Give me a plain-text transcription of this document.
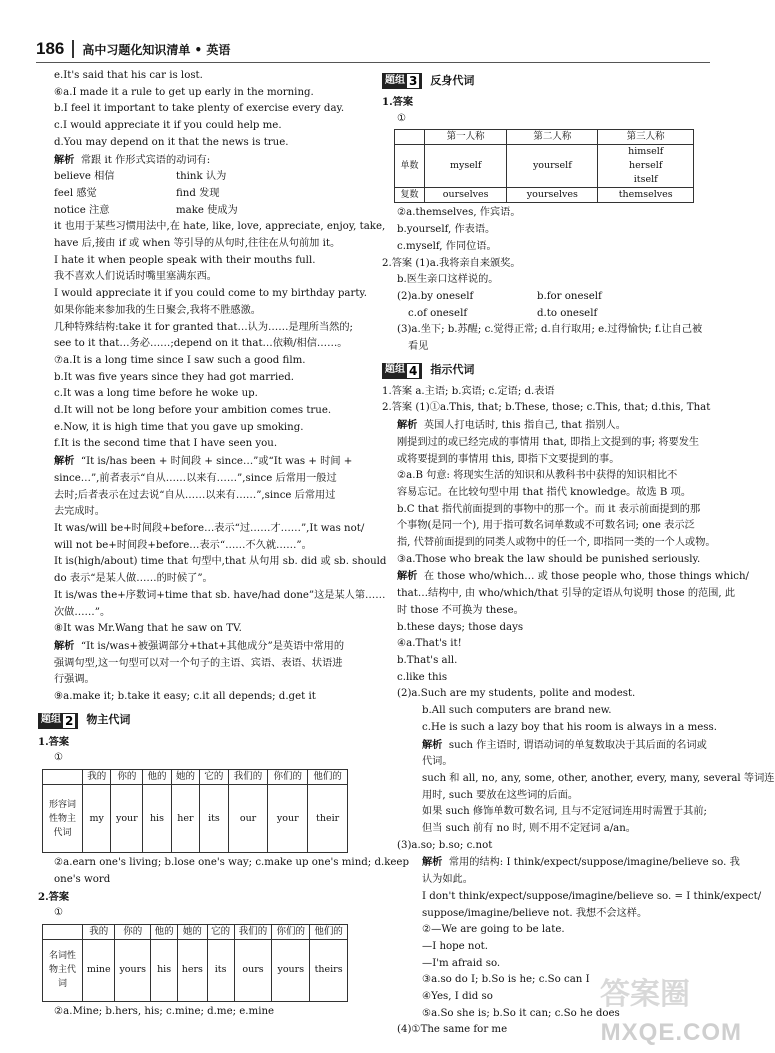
186	高中习题化知识清单 • 英语

e.It's said that his car is lost.

⑥a.I made it a rule to get up early in the morning.

b.I feel it important to take plenty of exercise every day.

c.I would appreciate it if you could help me.

d.You may depend on it that the news is true.

解析 常跟 it 作形式宾语的动词有:

believe 相信	think 认为

feel 感觉	find 发现

notice 注意	make 使成为

it 也用于某些习惯用法中,在 hate, like, love, appreciate, enjoy, take,

have 后,接由 if 或 when 等引导的从句时,往往在从句前加 it。

I hate it when people speak with their mouths full.

我不喜欢人们说话时嘴里塞满东西。

I would appreciate it if you could come to my birthday party.

如果你能来参加我的生日聚会,我将不胜感激。

几种特殊结构:take it for granted that…认为……是理所当然的;

see to it that…务必……;depend on it that…依赖/相信……。

⑦a.It is a long time since I saw such a good film.

b.It was five years since they had got married.

c.It was a long time before he woke up.

d.It will not be long before your ambition comes true.

e.Now, it is high time that you gave up smoking.

f.It is the second time that I have seen you.

解析 “It is/has been + 时间段 + since…”或“It was + 时间 +

since…”,前者表示“自从……以来有……”,since 后常用一般过

去时;后者表示在过去说“自从……以来有……”,since 后常用过

去完成时。

It was/will be+时间段+before…表示“过……才……”,It was not/

will not be+时间段+before…表示“……不久就……”。

It is(high/about) time that 句型中,that 从句用 sb. did 或 sb. should

do 表示“是某人做……的时候了”。

It is/was the+序数词+time that sb. have/had done”这是某人第……

次做……”。

⑧It was Mr.Wang that he saw on TV.

解析 “It is/was+被强调部分+that+其他成分”是英语中常用的

强调句型,这一句型可以对一个句子的主语、宾语、表语、状语进

行强调。

⑨a.make it; b.take it easy; c.it all depends; d.get it

题组 2 物主代词

1.答案

①

	我的	你的	他的	她的	它的	我们的	你们的	他们的
形容词性物主代词	my	your	his	her	its	our	your	their

②a.earn one's living; b.lose one's way; c.make up one's mind; d.keep

one's word

2.答案

①

	我的	你的	他的	她的	它的	我们的	你们的	他们的
名词性物主代词	mine	yours	his	hers	its	ours	yours	theirs

②a.Mine; b.hers, his; c.mine; d.me; e.mine

题组 3 反身代词

1.答案

①

	第一人称	第二人称	第三人称
单数	myself	yourself	himself
herself
itself

复数	ourselves	yourselves	themselves

②a.themselves, 作宾语。

b.yourself, 作表语。

c.myself, 作同位语。

2.答案 (1)a.我将亲自来颁奖。

b.医生亲口这样说的。

(2)a.by oneself	b.for oneself

c.of oneself	d.to oneself

(3)a.坐下; b.苏醒; c.觉得正常; d.自行取用; e.过得愉快; f.让自己被

看见

题组 4 指示代词

1.答案 a.主语; b.宾语; c.定语; d.表语

2.答案 (1)①a.This, that; b.These, those; c.This, that; d.this, That

解析 英国人打电话时, this 指自己, that 指别人。

刚提到过的或已经完成的事情用 that, 即指上文提到的事; 将要发生

或将要提到的事情用 this, 即指下文要提到的事。

②a.B 句意: 将现实生活的知识和从教科书中获得的知识相比不

容易忘记。在比较句型中用 that 指代 knowledge。故选 B 项。

b.C that 指代前面提到的事物中的那一个。而 it 表示前面提到的那

个事物(是同一个), 用于指可数名词单数或不可数名词; one 表示泛

指, 代替前面提到的同类人或物中的任一个, 即指同一类的一个人或物。

③a.Those who break the law should be punished seriously.

解析 在 those who/which… 或 those people who, those things which/

that…结构中, 由 who/which/that 引导的定语从句说明 those 的范围, 此

时 those 不可换为 these。

b.these days; those days

④a.That's it!

b.That's all.

c.like this

(2)a.Such are my students, polite and modest.

b.All such computers are brand new.

c.He is such a lazy boy that his room is always in a mess.

解析 such 作主语时, 谓语动词的单复数取决于其后面的名词或

代词。

such 和 all, no, any, some, other, another, every, many, several 等词连

用时, such 要放在这些词的后面。

如果 such 修饰单数可数名词, 且与不定冠词连用时需置于其前;

但当 such 前有 no 时, 则不用不定冠词 a/an。

(3)a.so; b.so; c.not

解析 常用的结构: I think/expect/suppose/imagine/believe so. 我

认为如此。

I don't think/expect/suppose/imagine/believe so. = I think/expect/

suppose/imagine/believe not. 我想不会这样。

②—We are going to be late.

—I hope not.

—I'm afraid so.

③a.so do I; b.So is he; c.So can I

④Yes, I did so

⑤a.So she is; b.So it can; c.So he does

(4)①The same for me

答案圈
MXQE.COM
